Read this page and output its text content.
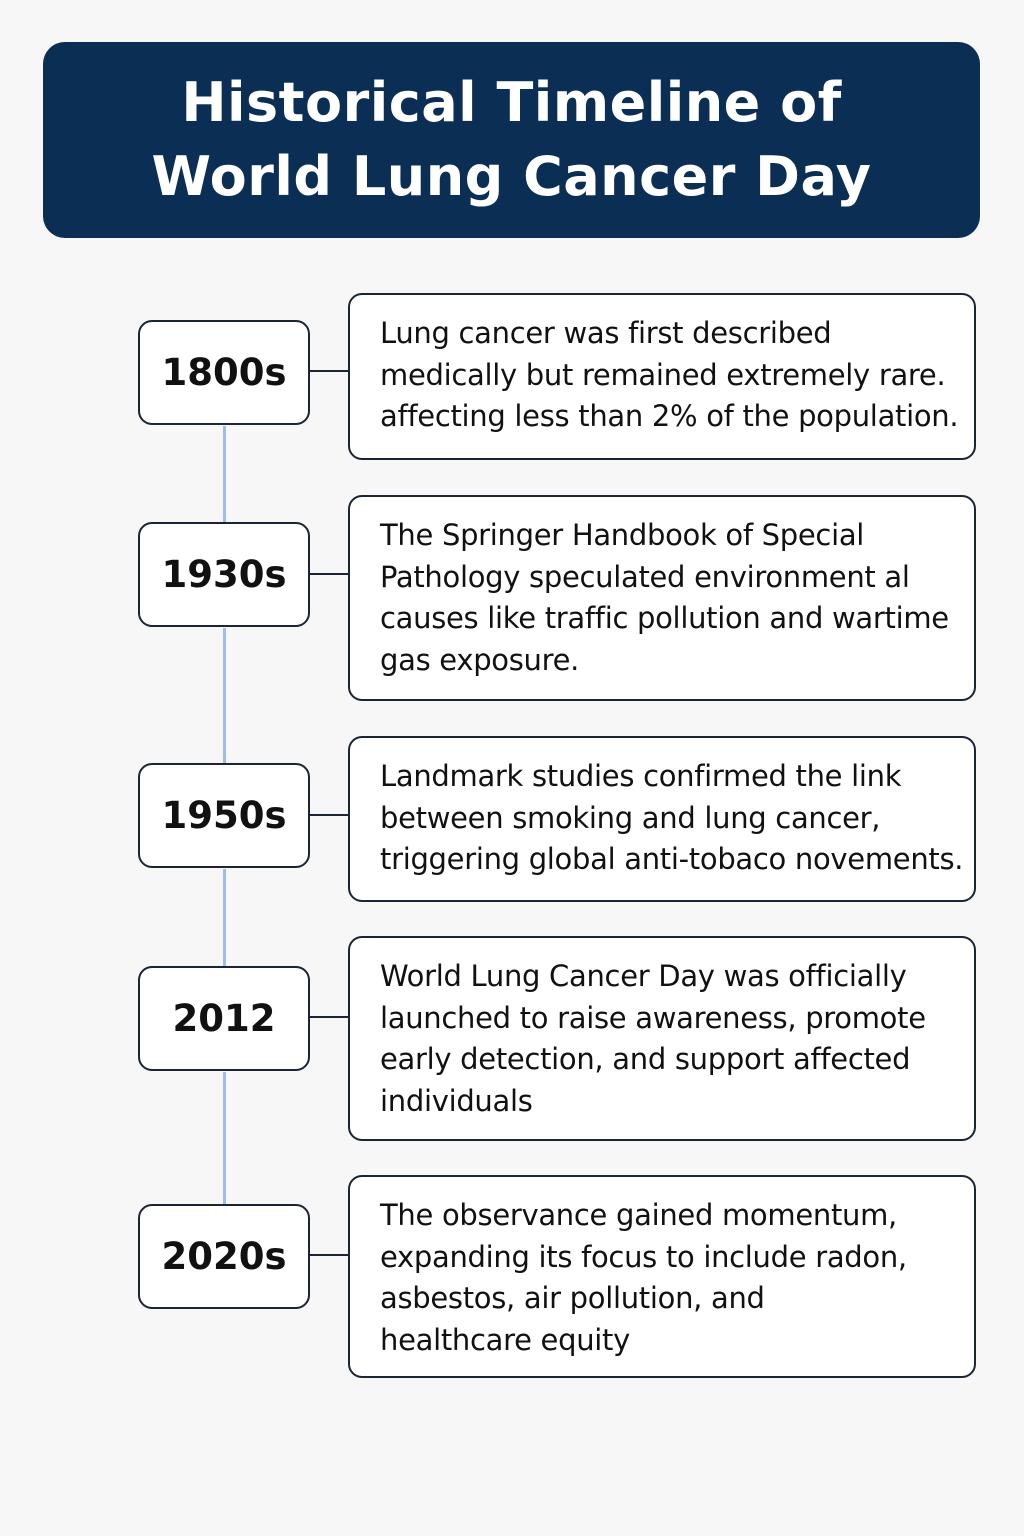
Historical Timeline of
World Lung Cancer Day
1800s
Lung cancer was first described
medically but remained extremely rare.
affecting less than 2% of the population.
1930s
The Springer Handbook of Special
Pathology speculated environment al
causes like traffic pollution and wartime
gas exposure.
1950s
Landmark studies confirmed the link
between smoking and lung cancer,
triggering global anti-tobaco novements.
2012
World Lung Cancer Day was officially
launched to raise awareness, promote
early detection, and support affected
individuals
2020s
The observance gained momentum,
expanding its focus to include radon,
asbestos, air pollution, and
healthcare equity
